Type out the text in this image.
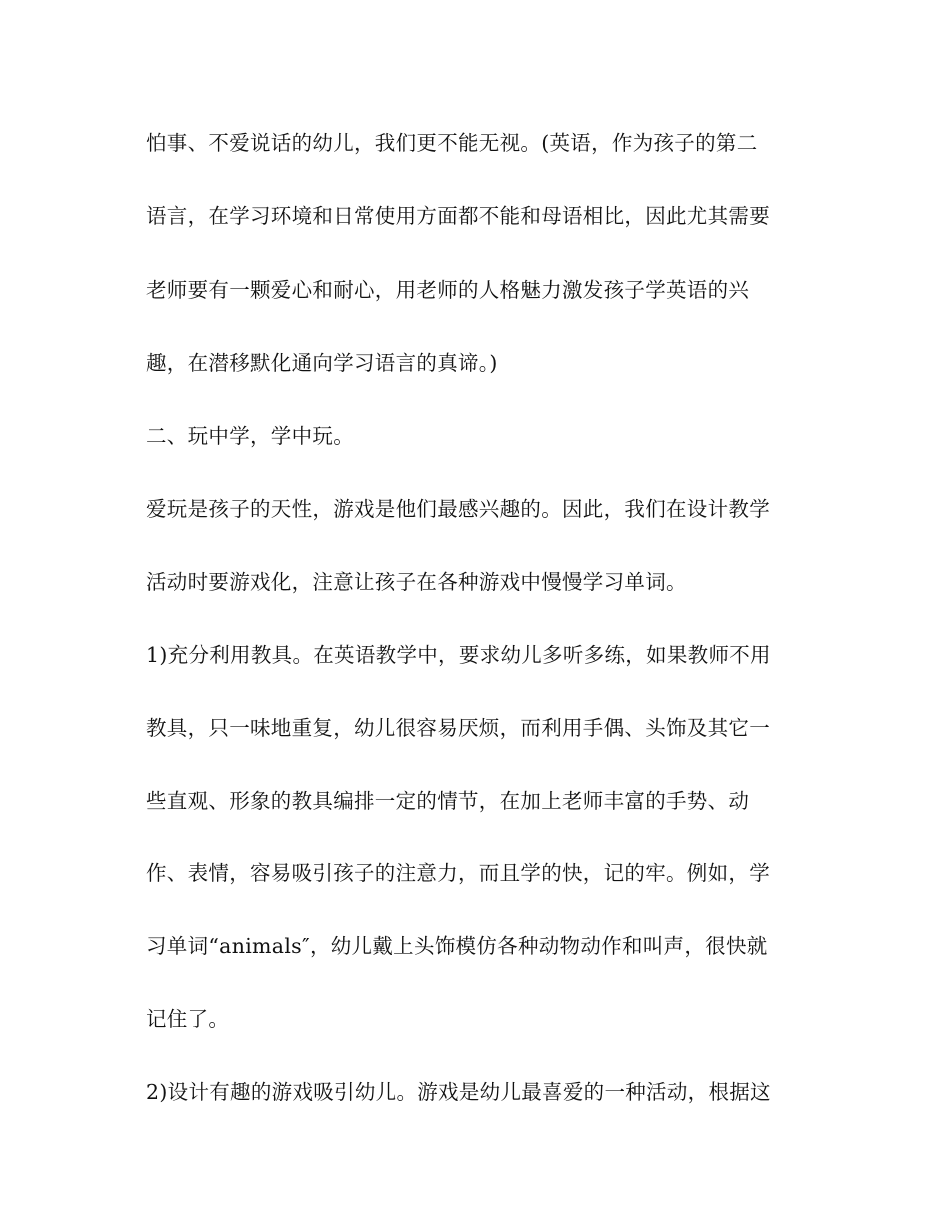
怕事、不爱说话的幼儿，我们更不能无视。(英语，作为孩子的第二
语言，在学习环境和日常使用方面都不能和母语相比，因此尤其需要
老师要有一颗爱心和耐心，用老师的人格魅力激发孩子学英语的兴
趣，在潜移默化通向学习语言的真谛。)
二、玩中学，学中玩。
爱玩是孩子的天性，游戏是他们最感兴趣的。因此，我们在设计教学
活动时要游戏化，注意让孩子在各种游戏中慢慢学习单词。
1)充分利用教具。在英语教学中，要求幼儿多听多练，如果教师不用
教具，只一味地重复，幼儿很容易厌烦，而利用手偶、头饰及其它一
些直观、形象的教具编排一定的情节，在加上老师丰富的手势、动
作、表情，容易吸引孩子的注意力，而且学的快，记的牢。例如，学
习单词“animals″，幼儿戴上头饰模仿各种动物动作和叫声，很快就
记住了。
2)设计有趣的游戏吸引幼儿。游戏是幼儿最喜爱的一种活动，根据这
